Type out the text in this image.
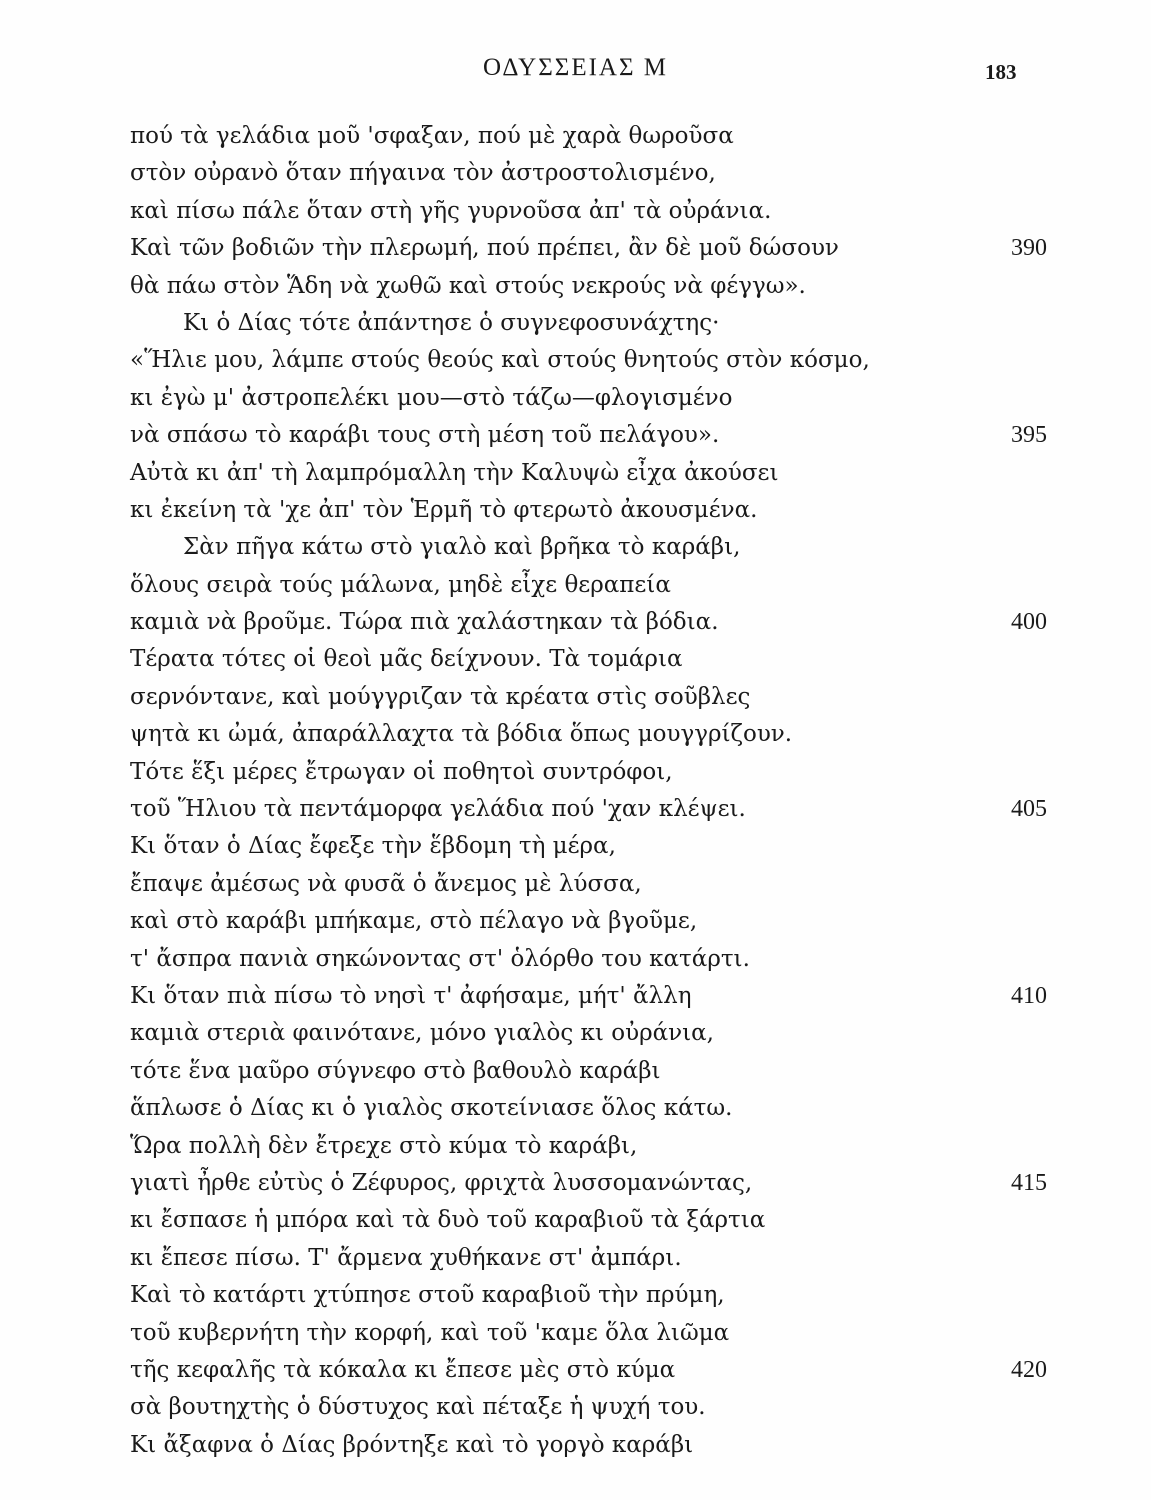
ΟΔΥΣΣΕΙΑΣ Μ	183
πού τὰ γελάδια μοῦ 'σφαξαν, πού μὲ χαρὰ θωροῦσα
στὸν οὐρανὸ ὅταν πήγαινα τὸν ἀστροστολισμένο,
καὶ πίσω πάλε ὅταν στὴ γῆς γυρνοῦσα ἀπ' τὰ οὐράνια.
Καὶ τῶν βοδιῶν τὴν πλερωμή, πού πρέπει, ἂν δὲ μοῦ δώσουν	390
θὰ πάω στὸν Ἅδη νὰ χωθῶ καὶ στούς νεκρούς νὰ φέγγω».
Κι ὁ Δίας τότε ἀπάντησε ὁ συγνεφοσυνάχτης·
«Ἥλιε μου, λάμπε στούς θεούς καὶ στούς θνητούς στὸν κόσμο,
κι ἐγὼ μ' ἀστροπελέκι μου—στὸ τάζω—φλογισμένο
νὰ σπάσω τὸ καράβι τους στὴ μέση τοῦ πελάγου».	395
Αὐτὰ κι ἀπ' τὴ λαμπρόμαλλη τὴν Καλυψὼ εἶχα ἀκούσει
κι ἐκείνη τὰ 'χε ἀπ' τὸν Ἑρμῆ τὸ φτερωτὸ ἀκουσμένα.
Σὰν πῆγα κάτω στὸ γιαλὸ καὶ βρῆκα τὸ καράβι,
ὅλους σειρὰ τούς μάλωνα, μηδὲ εἶχε θεραπεία
καμιὰ νὰ βροῦμε. Τώρα πιὰ χαλάστηκαν τὰ βόδια.	400
Τέρατα τότες οἱ θεοὶ μᾶς δείχνουν. Τὰ τομάρια
σερνόντανε, καὶ μούγγριζαν τὰ κρέατα στὶς σοῦβλες
ψητὰ κι ὠμά, ἀπαράλλαχτα τὰ βόδια ὅπως μουγγρίζουν.
Τότε ἕξι μέρες ἔτρωγαν οἱ ποθητοὶ συντρόφοι,
τοῦ Ἥλιου τὰ πεντάμορφα γελάδια πού 'χαν κλέψει.	405
Κι ὅταν ὁ Δίας ἔφεξε τὴν ἕβδομη τὴ μέρα,
ἔπαψε ἀμέσως νὰ φυσᾶ ὁ ἄνεμος μὲ λύσσα,
καὶ στὸ καράβι μπήκαμε, στὸ πέλαγο νὰ βγοῦμε,
τ' ἄσπρα πανιὰ σηκώνοντας στ' ὁλόρθο του κατάρτι.
Κι ὅταν πιὰ πίσω τὸ νησὶ τ' ἀφήσαμε, μήτ' ἄλλη	410
καμιὰ στεριὰ φαινότανε, μόνο γιαλὸς κι οὐράνια,
τότε ἕνα μαῦρο σύγνεφο στὸ βαθουλὸ καράβι
ἅπλωσε ὁ Δίας κι ὁ γιαλὸς σκοτείνιασε ὅλος κάτω.
Ὥρα πολλὴ δὲν ἔτρεχε στὸ κύμα τὸ καράβι,
γιατὶ ἦρθε εὐτὺς ὁ Ζέφυρος, φριχτὰ λυσσομανώντας,	415
κι ἔσπασε ἡ μπόρα καὶ τὰ δυὸ τοῦ καραβιοῦ τὰ ξάρτια
κι ἔπεσε πίσω. Τ' ἄρμενα χυθήκανε στ' ἀμπάρι.
Καὶ τὸ κατάρτι χτύπησε στοῦ καραβιοῦ τὴν πρύμη,
τοῦ κυβερνήτη τὴν κορφή, καὶ τοῦ 'καμε ὅλα λιῶμα
τῆς κεφαλῆς τὰ κόκαλα κι ἔπεσε μὲς στὸ κύμα	420
σὰ βουτηχτὴς ὁ δύστυχος καὶ πέταξε ἡ ψυχή του.
Κι ἄξαφνα ὁ Δίας βρόντηξε καὶ τὸ γοργὸ καράβι
